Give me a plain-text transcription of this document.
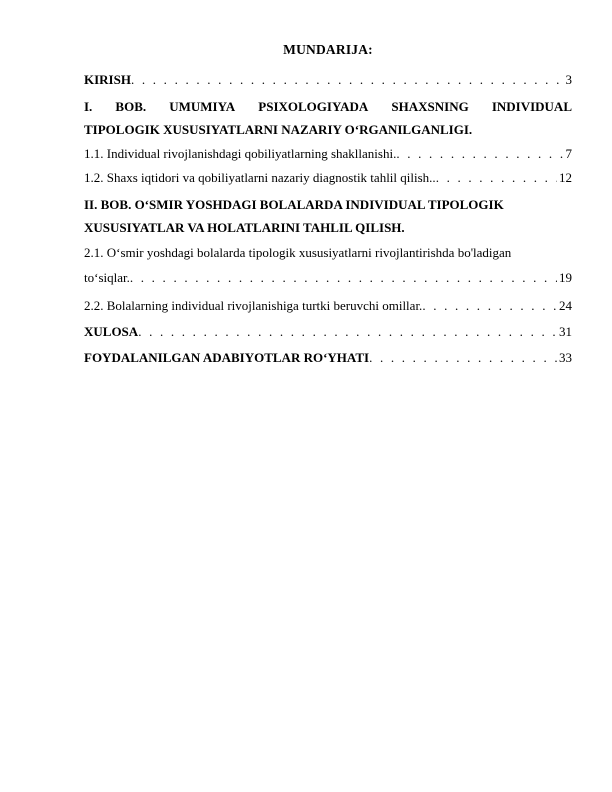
MUNDARIJA:
KIRISH . . .	3
I. BOB. UMUMIYA PSIXOLOGIYADA SHAXSNING INDIVIDUAL
TIPOLOGIK XUSUSIYATLARNI NAZARIY O‘RGANILGANLIGI.
1.1. Individual rivojlanishdagi qobiliyatlarning shakllanishi. . . .	7
1.2. Shaxs iqtidori va qobiliyatlarni nazariy diagnostik tahlil qilish.. . . .	12
II. BOB. O‘SMIR YOSHDAGI BOLALARDA INDIVIDUAL TIPOLOGIK
XUSUSIYATLAR VA HOLATLARINI TAHLIL QILISH.
2.1. O‘smir yoshdagi bolalarda tipologik xususiyatlarni rivojlantirishda bo'ladigan
to‘siqlar. . . .	19
2.2. Bolalarning individual rivojlanishiga turtki beruvchi omillar. . . .	24
XULOSA . . .	31
FOYDALANILGAN ADABIYOTLAR RO‘YHATI . . .	33
